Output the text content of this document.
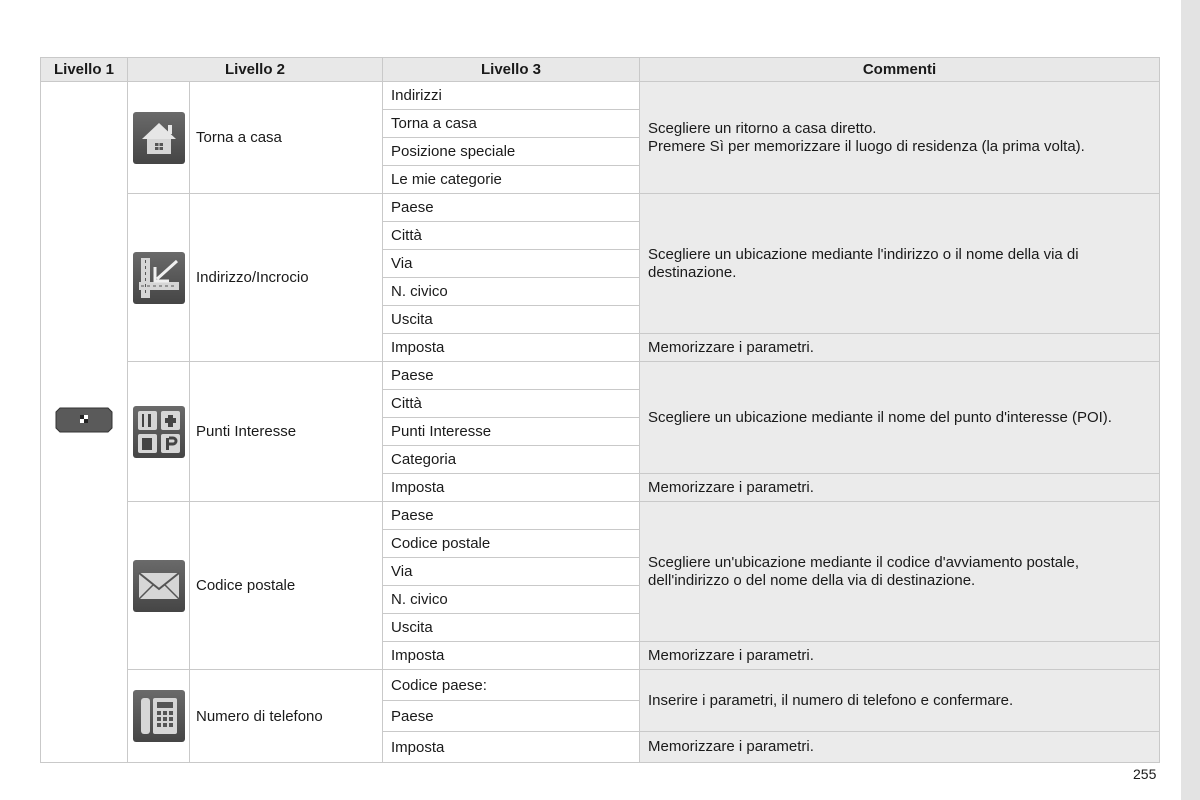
Livello 1	Livello 2		Livello 3	Commenti

	Torna a casa	Indirizzi	Scegliere un ritorno a casa diretto.
Premere Sì per memorizzare il luogo di residenza (la prima volta).

			Torna a casa	
			Posizione speciale	
			Le mie categorie	

	Indirizzo/Incrocio	Paese	Scegliere un ubicazione mediante l'indirizzo o il nome della via di destinazione.
			Città	
			Via	
			N. civico	
			Uscita	
			Imposta	Memorizzare i parametri.

	Punti Interesse	Paese	Scegliere un ubicazione mediante il nome del punto d'interesse (POI).
			Città	
			Punti Interesse	
			Categoria	
			Imposta	Memorizzare i parametri.

	Codice postale	Paese	Scegliere un'ubicazione mediante il codice d'avviamento postale, dell'indirizzo o del nome della via di destinazione.
			Codice postale	
			Via	
			N. civico	
			Uscita	
			Imposta	Memorizzare i parametri.

	Numero di telefono	Codice paese:	Inserire i parametri, il numero di telefono e confermare.
			Paese	
			Imposta	Memorizzare i parametri.
255
